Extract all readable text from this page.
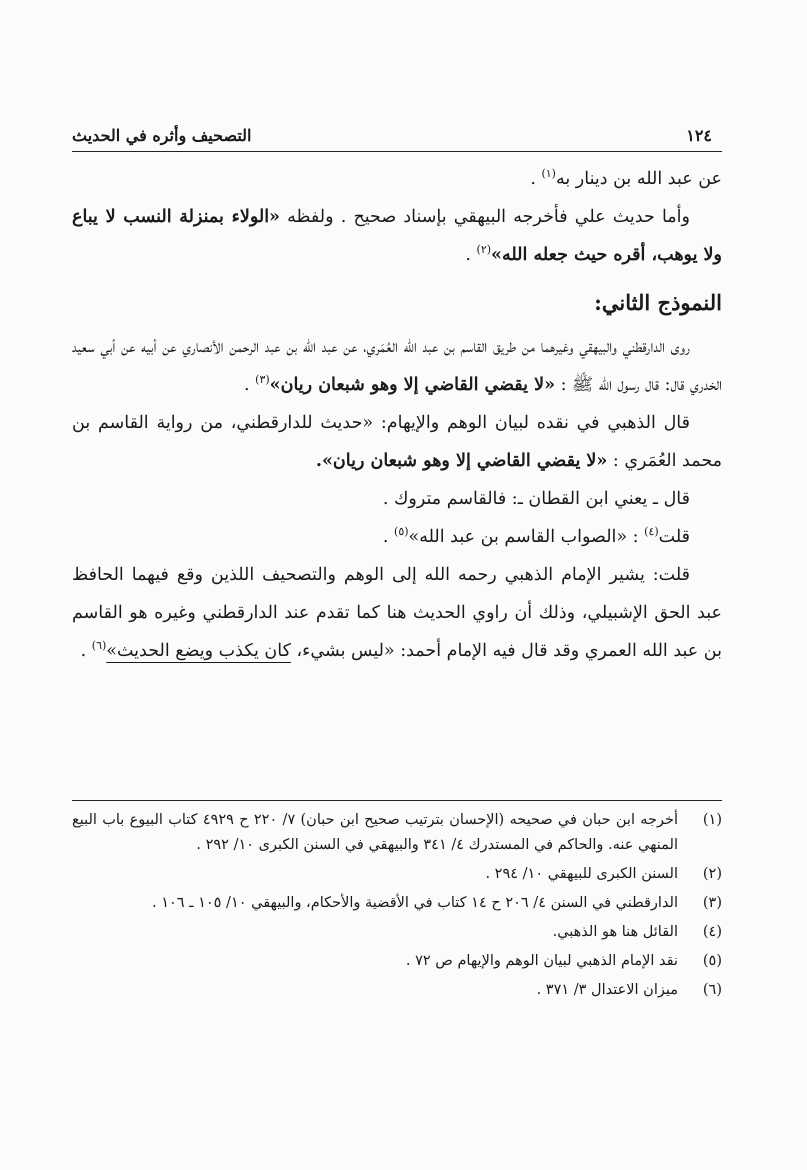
١٢٤
التصحيف وأثره في الحديث

عن عبد الله بن دينار به$^{(١)}$ .

وأما حديث علي فأخرجه البيهقي بإسناد صحيح . ولفظه «الولاء بمنزلة النسب لا يباع ولا يوهب، أقره حيث جعله الله»$^{(٢)}$ .

النموذج الثاني:

روى الدارقطني والبيهقي وغيرهما من طريق القاسم بن عبد الله العُمَري، عن عبد الله بن عبد الرحمن الأنصاري عن أبيه عن أبي سعيد الخدري قال: قال رسول الله ﷺ : «لا يقضي القاضي إلا وهو شبعان ريان»$^{(٣)}$ .

قال الذهبي في نقده لبيان الوهم والإيهام: «حديث للدارقطني، من رواية القاسم بن محمد العُمَري : «لا يقضي القاضي إلا وهو شبعان ريان».

قال ـ يعني ابن القطان ـ: فالقاسم متروك .

قلت$^{(٤)}$ : «الصواب القاسم بن عبد الله»$^{(٥)}$ .

قلت: يشير الإمام الذهبي رحمه الله إلى الوهم والتصحيف اللذين وقع فيهما الحافظ عبد الحق الإشبيلي، وذلك أن راوي الحديث هنا كما تقدم عند الدارقطني وغيره هو القاسم بن عبد الله العمري وقد قال فيه الإمام أحمد: «ليس بشيء، كان يكذب ويضع الحديث»$^{(٦)}$ .

(١)
أخرجه ابن حبان في صحيحه (الإحسان بترتيب صحيح ابن حبان) ٧/ ٢٢٠ ح ٤٩٢٩ كتاب البيوع باب البيع المنهي عنه. والحاكم في المستدرك ٤/ ٣٤١ والبيهقي في السنن الكبرى ١٠/ ٢٩٢ .
(٢)
السنن الكبرى للبيهقي ١٠/ ٢٩٤ .
(٣)
الدارقطني في السنن ٤/ ٢٠٦ ح ١٤ كتاب في الأقضية والأحكام، والبيهقي ١٠/ ١٠٥ ـ ١٠٦ .
(٤)
القائل هنا هو الذهبي.
(٥)
نقد الإمام الذهبي لبيان الوهم والإيهام ص ٧٢ .
(٦)
ميزان الاعتدال ٣/ ٣٧١ .
